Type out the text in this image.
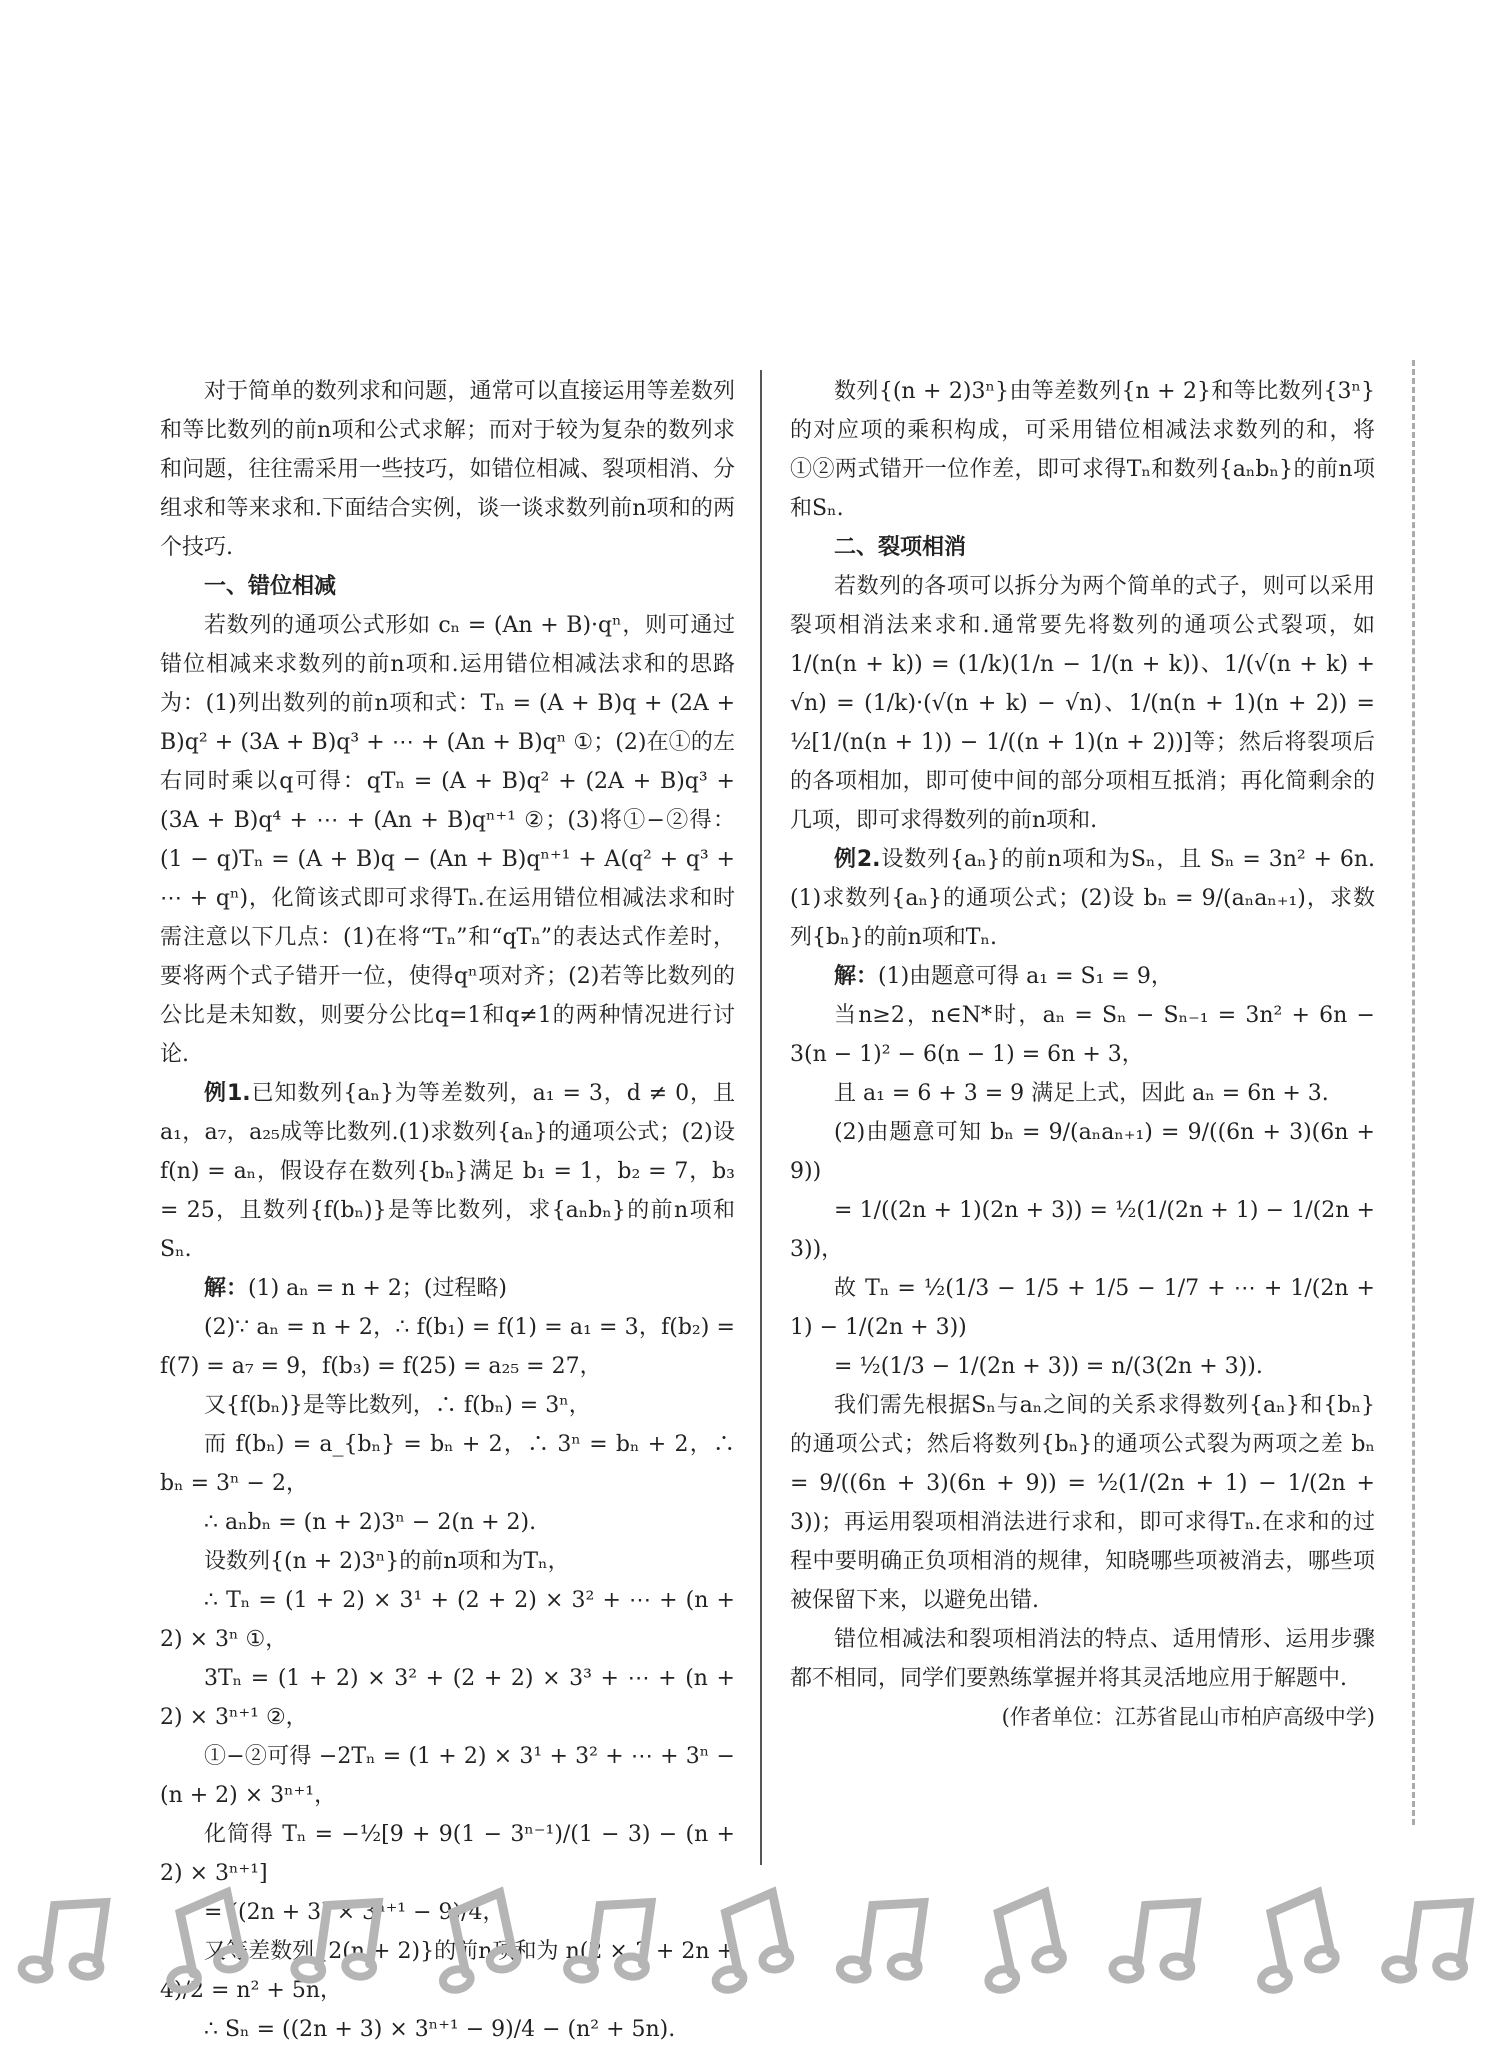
对于简单的数列求和问题，通常可以直接运用等差数列和等比数列的前n项和公式求解；而对于较为复杂的数列求和问题，往往需采用一些技巧，如错位相减、裂项相消、分组求和等来求和.下面结合实例，谈一谈求数列前n项和的两个技巧.

一、错位相减

若数列的通项公式形如 cₙ = (An + B)·qⁿ，则可通过错位相减来求数列的前n项和.运用错位相减法求和的思路为：(1)列出数列的前n项和式：Tₙ = (A + B)q + (2A + B)q² + (3A + B)q³ + ⋯ + (An + B)qⁿ ①；(2)在①的左右同时乘以q可得：qTₙ = (A + B)q² + (2A + B)q³ + (3A + B)q⁴ + ⋯ + (An + B)qⁿ⁺¹ ②；(3)将①−②得：(1 − q)Tₙ = (A + B)q − (An + B)qⁿ⁺¹ + A(q² + q³ + ⋯ + qⁿ)，化简该式即可求得Tₙ.在运用错位相减法求和时需注意以下几点：(1)在将“Tₙ”和“qTₙ”的表达式作差时，要将两个式子错开一位，使得qⁿ项对齐；(2)若等比数列的公比是未知数，则要分公比q=1和q≠1的两种情况进行讨论.

例1.已知数列{aₙ}为等差数列，a₁ = 3，d ≠ 0，且a₁，a₇，a₂₅成等比数列.(1)求数列{aₙ}的通项公式；(2)设 f(n) = aₙ，假设存在数列{bₙ}满足 b₁ = 1，b₂ = 7，b₃ = 25，且数列{f(bₙ)}是等比数列，求{aₙbₙ}的前n项和Sₙ.

解：(1) aₙ = n + 2；(过程略)

(2)∵ aₙ = n + 2，∴ f(b₁) = f(1) = a₁ = 3，f(b₂) = f(7) = a₇ = 9，f(b₃) = f(25) = a₂₅ = 27，

又{f(bₙ)}是等比数列，∴ f(bₙ) = 3ⁿ，

而 f(bₙ) = a_{bₙ} = bₙ + 2，∴ 3ⁿ = bₙ + 2，∴ bₙ = 3ⁿ − 2，

∴ aₙbₙ = (n + 2)3ⁿ − 2(n + 2).

设数列{(n + 2)3ⁿ}的前n项和为Tₙ，

∴ Tₙ = (1 + 2) × 3¹ + (2 + 2) × 3² + ⋯ + (n + 2) × 3ⁿ ①，

3Tₙ = (1 + 2) × 3² + (2 + 2) × 3³ + ⋯ + (n + 2) × 3ⁿ⁺¹ ②，

①−②可得 −2Tₙ = (1 + 2) × 3¹ + 3² + ⋯ + 3ⁿ − (n + 2) × 3ⁿ⁺¹，

化简得 Tₙ = −½[9 + 9(1 − 3ⁿ⁻¹)/(1 − 3) − (n + 2) × 3ⁿ⁺¹]

= ((2n + 3) × 3ⁿ⁺¹ − 9)/4，

又等差数列{2(n + 2)}的前n项和为 n(2 × 3 + 2n + 4)/2 = n² + 5n，

∴ Sₙ = ((2n + 3) × 3ⁿ⁺¹ − 9)/4 − (n² + 5n).

数列{(n + 2)3ⁿ}由等差数列{n + 2}和等比数列{3ⁿ}的对应项的乘积构成，可采用错位相减法求数列的和，将①②两式错开一位作差，即可求得Tₙ和数列{aₙbₙ}的前n项和Sₙ.

二、裂项相消

若数列的各项可以拆分为两个简单的式子，则可以采用裂项相消法来求和.通常要先将数列的通项公式裂项，如 1/(n(n + k)) = (1/k)(1/n − 1/(n + k))、1/(√(n + k) + √n) = (1/k)·(√(n + k) − √n)、1/(n(n + 1)(n + 2)) = ½[1/(n(n + 1)) − 1/((n + 1)(n + 2))]等；然后将裂项后的各项相加，即可使中间的部分项相互抵消；再化简剩余的几项，即可求得数列的前n项和.

例2.设数列{aₙ}的前n项和为Sₙ，且 Sₙ = 3n² + 6n.(1)求数列{aₙ}的通项公式；(2)设 bₙ = 9/(aₙaₙ₊₁)，求数列{bₙ}的前n项和Tₙ.

解：(1)由题意可得 a₁ = S₁ = 9，

当n≥2，n∈N*时，aₙ = Sₙ − Sₙ₋₁ = 3n² + 6n − 3(n − 1)² − 6(n − 1) = 6n + 3，

且 a₁ = 6 + 3 = 9 满足上式，因此 aₙ = 6n + 3.

(2)由题意可知 bₙ = 9/(aₙaₙ₊₁) = 9/((6n + 3)(6n + 9))

= 1/((2n + 1)(2n + 3)) = ½(1/(2n + 1) − 1/(2n + 3))，

故 Tₙ = ½(1/3 − 1/5 + 1/5 − 1/7 + ⋯ + 1/(2n + 1) − 1/(2n + 3))

= ½(1/3 − 1/(2n + 3)) = n/(3(2n + 3)).

我们需先根据Sₙ与aₙ之间的关系求得数列{aₙ}和{bₙ}的通项公式；然后将数列{bₙ}的通项公式裂为两项之差 bₙ = 9/((6n + 3)(6n + 9)) = ½(1/(2n + 1) − 1/(2n + 3))；再运用裂项相消法进行求和，即可求得Tₙ.在求和的过程中要明确正负项相消的规律，知晓哪些项被消去，哪些项被保留下来，以避免出错.

错位相减法和裂项相消法的特点、适用情形、运用步骤都不相同，同学们要熟练掌握并将其灵活地应用于解题中.

(作者单位：江苏省昆山市柏庐高级中学)
